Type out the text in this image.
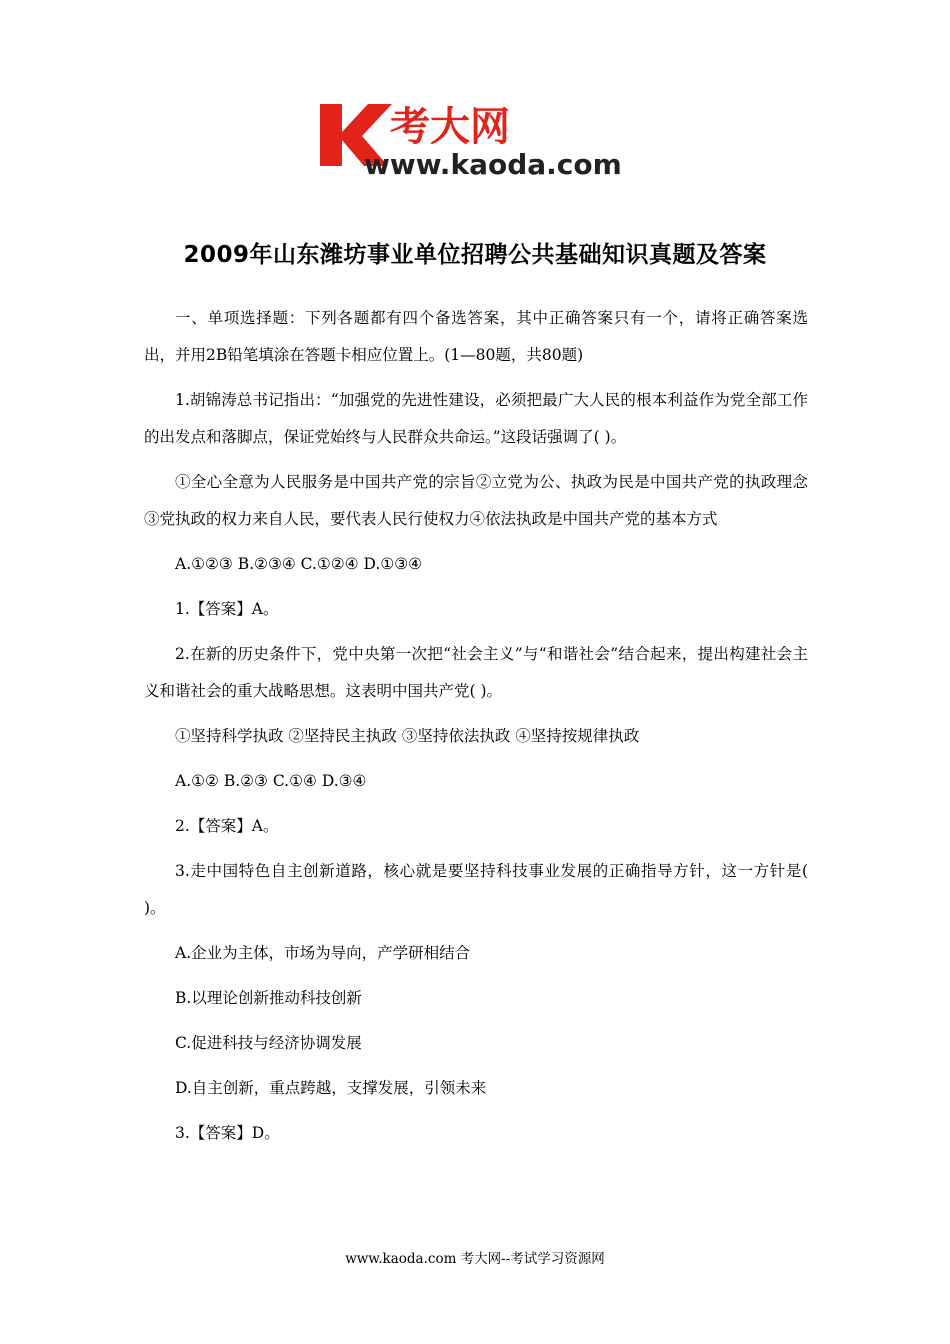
考大网
www.kaoda.com
2009年山东潍坊事业单位招聘公共基础知识真题及答案

一、单项选择题：下列各题都有四个备选答案，其中正确答案只有一个，请将正确答案选出，并用2B铅笔填涂在答题卡相应位置上。(1—80题，共80题)

1.胡锦涛总书记指出：“加强党的先进性建设，必须把最广大人民的根本利益作为党全部工作的出发点和落脚点，保证党始终与人民群众共命运。”这段话强调了( )。

①全心全意为人民服务是中国共产党的宗旨②立党为公、执政为民是中国共产党的执政理念③党执政的权力来自人民，要代表人民行使权力④依法执政是中国共产党的基本方式

A.①②③ B.②③④ C.①②④ D.①③④

1.【答案】A。

2.在新的历史条件下，党中央第一次把“社会主义”与“和谐社会”结合起来，提出构建社会主义和谐社会的重大战略思想。这表明中国共产党( )。

①坚持科学执政 ②坚持民主执政 ③坚持依法执政 ④坚持按规律执政

A.①② B.②③ C.①④ D.③④

2.【答案】A。

3.走中国特色自主创新道路，核心就是要坚持科技事业发展的正确指导方针，这一方针是( )。

A.企业为主体，市场为导向，产学研相结合

B.以理论创新推动科技创新

C.促进科技与经济协调发展

D.自主创新，重点跨越，支撑发展，引领未来

3.【答案】D。

www.kaoda.com 考大网--考试学习资源网
